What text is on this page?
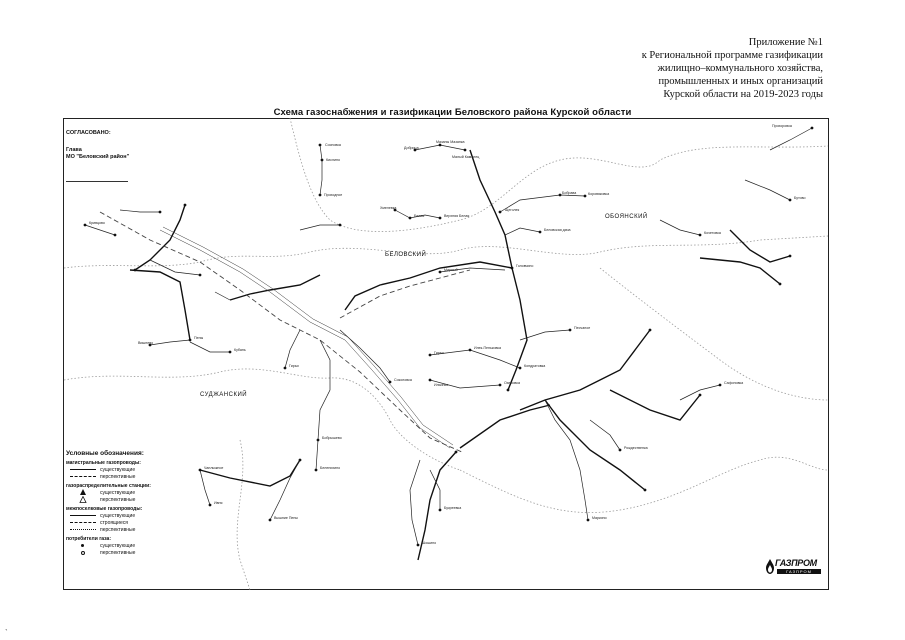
Приложение №1
к Региональной программе газификации
жилищно–коммунального хозяйства,
промышленных и иных организаций
Курской области на 2019-2023 годы
Схема газоснабжения и газификации Беловского района Курской области
СОГЛАСОВАНО:
Глава
МО "Беловский район"
БЕЛОВСКИЙ
ОБОЯНСКИЙ
СУДЖАНСКИЙ
Сосновка
Кислино
Проходное
Добрица
Мазаны Мазанка
Малый Каменец
Хмелевка
Белая	Верхняя Белая
Щеголек
Бобрава	Коровяковка
Беловская дача
Головчино
Мирный
Гирьи
Илек-Пеньковка
Кондратовка
Ильинка	Озеровка
Песчаное
Вишнево
Кубань
Пены
Беленихино
Бобрышево
Гирьи
Соколовка
Шошино
Букреевка
Вышние Пены
Ивня
Чаплыжное
Маркино
Рождественка
Сафоновка
Кочетовка
Бутово
Прохоровка
Кривцово
Условные обозначения:
магистральные газопроводы:
существующие
перспективные
газораспределительные станции:
существующие
перспективные
межпоселковые газопроводы:
существующие
строящиеся
перспективные
потребители газа:
существующие
перспективные
ГАЗПРОМ
ГАЗПРОМ
ˋ
